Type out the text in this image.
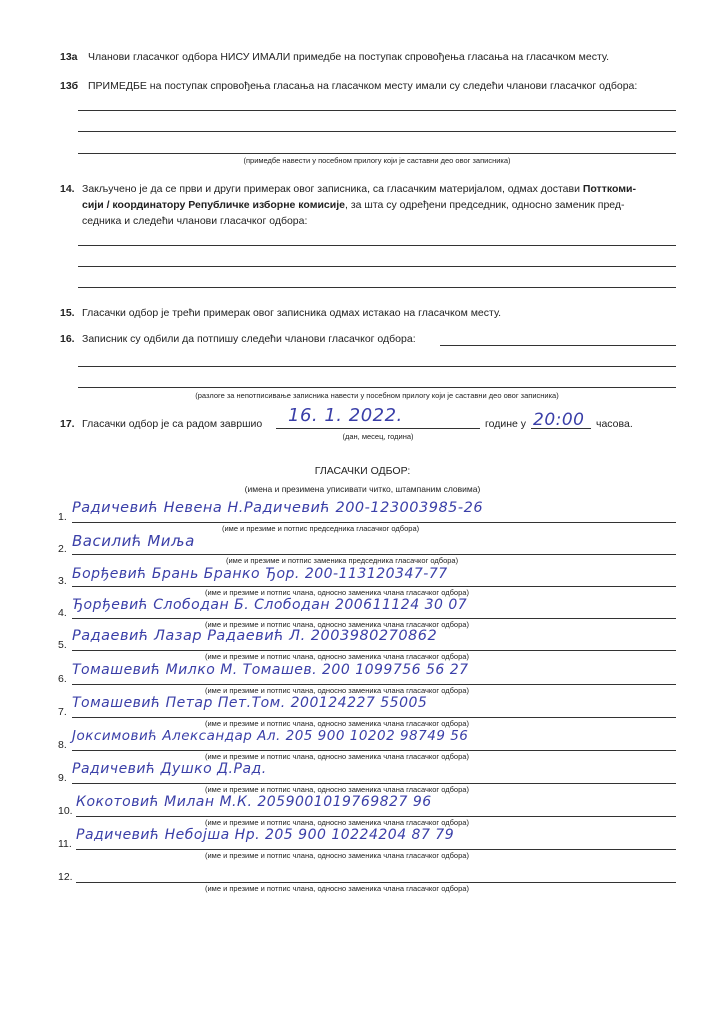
13а Чланови гласачког одбора НИСУ ИМАЛИ примедбе на поступак спровођења гласања на гласачком месту.
13б ПРИМЕДБЕ на поступак спровођења гласања на гласачком месту имали су следећи чланови гласачког одбора:
(примедбе навести у посебном прилогу који је саставни део овог записника)
14. Закључено је да се први и други примерак овог записника, са гласачким материјалом, одмах достави Потткоми-
сији / координатору Републичке изборне комисије, за шта су одређени председник, односно заменик пред-
седника и следећи чланови гласачког одбора:
15. Гласачки одбор је трећи примерак овог записника одмах истакао на гласачком месту.
16. Записник су одбили да потпишу следећи чланови гласачког одбора:
(разлоге за непотписивање записника навести у посебном прилогу који је саставни део овог записника)
17. Гласачки одбор је са радом завршио 16. 1. 2022.
(дан, месец, година)
године у 20:00 часова.
ГЛАСАЧКИ ОДБОР:
(имена и презимена уписивати читко, штампаним словима)
1.
Радичевић Невена Н.Радичевић 200-123003985-26
(име и презиме и потпис председника гласачког одбора)
2. Василић Миља
(име и презиме и потпис заменика председника гласачког одбора)
3. Борђевић Брань Бранко Ђор. 200-113120347-77
(име и презиме и потпис члана, односно заменика члана гласачког одбора)
4. Ђорђевић Слободан Б. Слободан 200611124 30 07
(име и презиме и потпис члана, односно заменика члана гласачког одбора)
5.
Радаевић Лазар Радаевић Л. 2003980270862
(име и презиме и потпис члана, односно заменика члана гласачког одбора)
6.
Томашевић Милко М. Томашев. 200 1099756 56 27
(име и презиме и потпис члана, односно заменика члана гласачког одбора)
7.
Томашевић Петар Пет.Том. 200124227 55005
(име и презиме и потпис члана, односно заменика члана гласачког одбора)
8.
Јоксимовић Александар Ал. 205 900 10202 98749 56
(име и презиме и потпис члана, односно заменика члана гласачког одбора)
9.
Радичевић Душко Д.Рад.
(име и презиме и потпис члана, односно заменика члана гласачког одбора)
10.
Кокотовић Милан М.К. 2059001019769827 96
(име и презиме и потпис члана, односно заменика члана гласачког одбора)
11.
Радичевић Небојша Нр. 205 900 10224204 87 79
(име и презиме и потпис члана, односно заменика члана гласачког одбора)
12.
(име и презиме и потпис члана, односно заменика члана гласачког одбора)
